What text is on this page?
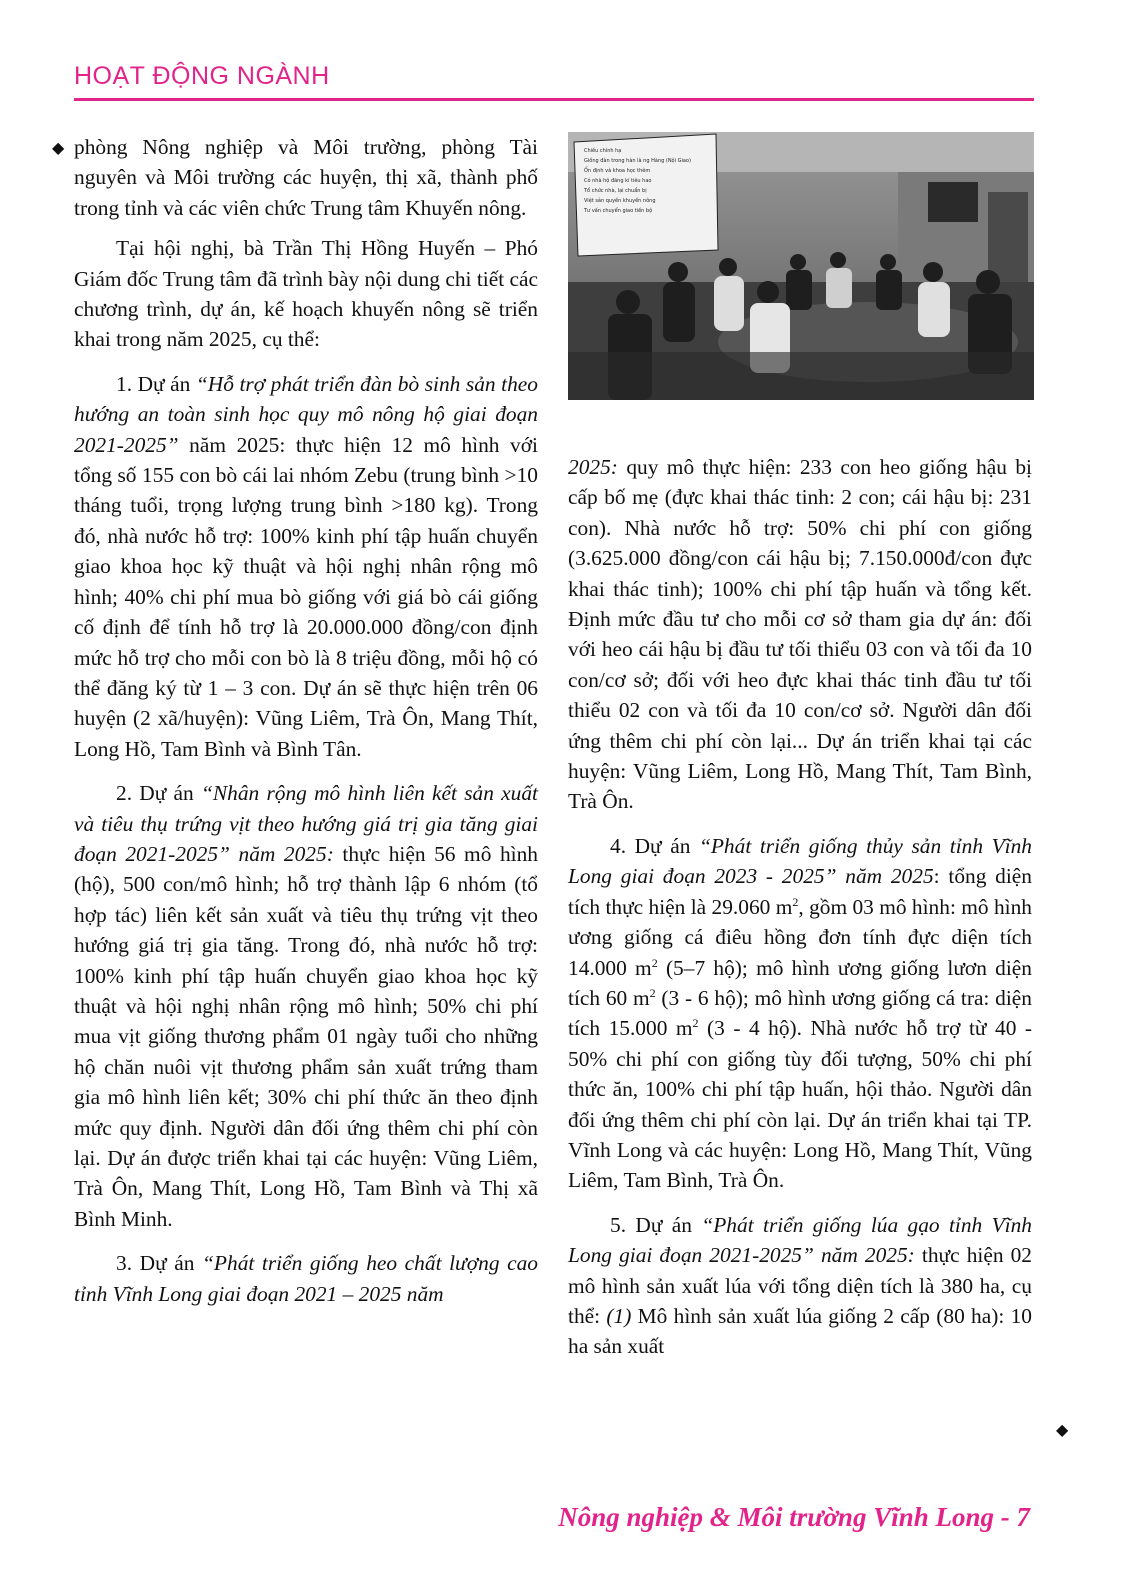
HOẠT ĐỘNG NGÀNH
◆ phòng Nông nghiệp và Môi trường, phòng Tài nguyên và Môi trường các huyện, thị xã, thành phố trong tỉnh và các viên chức Trung tâm Khuyến nông.

Tại hội nghị, bà Trần Thị Hồng Huyến – Phó Giám đốc Trung tâm đã trình bày nội dung chi tiết các chương trình, dự án, kế hoạch khuyến nông sẽ triển khai trong năm 2025, cụ thể:

1. Dự án “Hỗ trợ phát triển đàn bò sinh sản theo hướng an toàn sinh học quy mô nông hộ giai đoạn 2021-2025” năm 2025: thực hiện 12 mô hình với tổng số 155 con bò cái lai nhóm Zebu (trung bình >10 tháng tuổi, trọng lượng trung bình >180 kg). Trong đó, nhà nước hỗ trợ: 100% kinh phí tập huấn chuyển giao khoa học kỹ thuật và hội nghị nhân rộng mô hình; 40% chi phí mua bò giống với giá bò cái giống cố định để tính hỗ trợ là 20.000.000 đồng/con định mức hỗ trợ cho mỗi con bò là 8 triệu đồng, mỗi hộ có thể đăng ký từ 1 – 3 con. Dự án sẽ thực hiện trên 06 huyện (2 xã/huyện): Vũng Liêm, Trà Ôn, Mang Thít, Long Hồ, Tam Bình và Bình Tân.

2. Dự án “Nhân rộng mô hình liên kết sản xuất và tiêu thụ trứng vịt theo hướng giá trị gia tăng giai đoạn 2021-2025” năm 2025: thực hiện 56 mô hình (hộ), 500 con/mô hình; hỗ trợ thành lập 6 nhóm (tổ hợp tác) liên kết sản xuất và tiêu thụ trứng vịt theo hướng giá trị gia tăng. Trong đó, nhà nước hỗ trợ: 100% kinh phí tập huấn chuyển giao khoa học kỹ thuật và hội nghị nhân rộng mô hình; 50% chi phí mua vịt giống thương phẩm 01 ngày tuổi cho những hộ chăn nuôi vịt thương phẩm sản xuất trứng tham gia mô hình liên kết; 30% chi phí thức ăn theo định mức quy định. Người dân đối ứng thêm chi phí còn lại. Dự án được triển khai tại các huyện: Vũng Liêm, Trà Ôn, Mang Thít, Long Hồ, Tam Bình và Thị xã Bình Minh.

3. Dự án “Phát triển giống heo chất lượng cao tỉnh Vĩnh Long giai đoạn 2021 – 2025 năm

Chiều chính hạ
Giống đàn trong hàn là ng Hàng (Nội Giao)
Ổn định và khoa học thêm
Có nhà hộ đăng kí tiêu hao
Tổ chức nhà, lại chuẩn bị
Việt sản quyền khuyến nông
Tư vấn chuyển giao tiến bộ

2025: quy mô thực hiện: 233 con heo giống hậu bị cấp bố mẹ (đực khai thác tinh: 2 con; cái hậu bị: 231 con). Nhà nước hỗ trợ: 50% chi phí con giống (3.625.000 đồng/con cái hậu bị; 7.150.000đ/con đực khai thác tinh); 100% chi phí tập huấn và tổng kết. Định mức đầu tư cho mỗi cơ sở tham gia dự án: đối với heo cái hậu bị đầu tư tối thiểu 03 con và tối đa 10 con/cơ sở; đối với heo đực khai thác tinh đầu tư tối thiểu 02 con và tối đa 10 con/cơ sở. Người dân đối ứng thêm chi phí còn lại... Dự án triển khai tại các huyện: Vũng Liêm, Long Hồ, Mang Thít, Tam Bình, Trà Ôn.

4. Dự án “Phát triển giống thủy sản tỉnh Vĩnh Long giai đoạn 2023 - 2025” năm 2025: tổng diện tích thực hiện là 29.060 $m^2$, gồm 03 mô hình: mô hình ương giống cá điêu hồng đơn tính đực diện tích 14.000 $m^2$ (5–7 hộ); mô hình ương giống lươn diện tích 60 $m^2$ (3 - 6 hộ); mô hình ương giống cá tra: diện tích 15.000 $m^2$ (3 - 4 hộ). Nhà nước hỗ trợ từ 40 - 50% chi phí con giống tùy đối tượng, 50% chi phí thức ăn, 100% chi phí tập huấn, hội thảo. Người dân đối ứng thêm chi phí còn lại. Dự án triển khai tại TP. Vĩnh Long và các huyện: Long Hồ, Mang Thít, Vũng Liêm, Tam Bình, Trà Ôn.

5. Dự án “Phát triển giống lúa gạo tỉnh Vĩnh Long giai đoạn 2021-2025” năm 2025: thực hiện 02 mô hình sản xuất lúa với tổng diện tích là 380 ha, cụ thể: (1) Mô hình sản xuất lúa giống 2 cấp (80 ha): 10 ha sản xuất

◆
Nông nghiệp & Môi trường Vĩnh Long - 7
